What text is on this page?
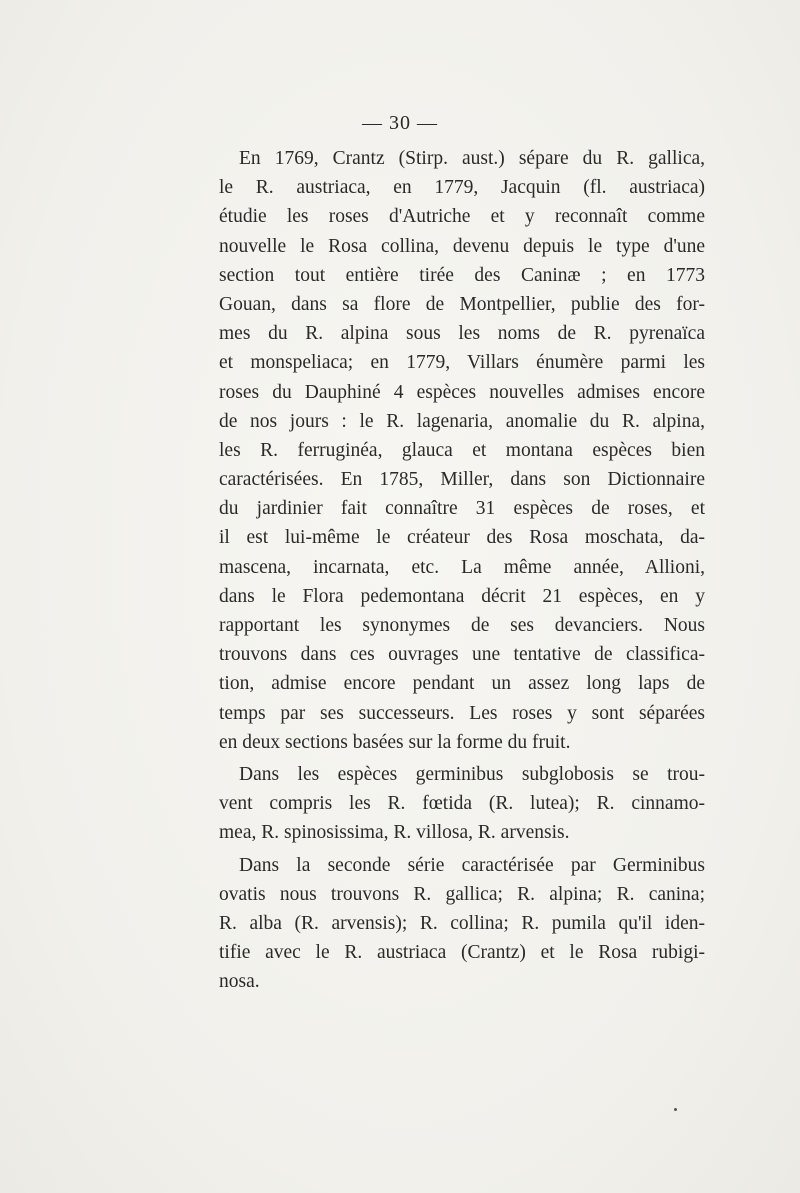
— 30 —
En 1769, Crantz (Stirp. aust.) sépare du R. gallica,
le R. austriaca, en 1779, Jacquin (fl. austriaca)
étudie les roses d'Autriche et y reconnaît comme
nouvelle le Rosa collina, devenu depuis le type d'une
section tout entière tirée des Caninæ ; en 1773
Gouan, dans sa flore de Montpellier, publie des for-
mes du R. alpina sous les noms de R. pyrenaïca
et monspeliaca; en 1779, Villars énumère parmi les
roses du Dauphiné 4 espèces nouvelles admises encore
de nos jours : le R. lagenaria, anomalie du R. alpina,
les R. ferruginéa, glauca et montana espèces bien
caractérisées. En 1785, Miller, dans son Dictionnaire
du jardinier fait connaître 31 espèces de roses, et
il est lui-même le créateur des Rosa moschata, da-
mascena, incarnata, etc. La même année, Allioni,
dans le Flora pedemontana décrit 21 espèces, en y
rapportant les synonymes de ses devanciers. Nous
trouvons dans ces ouvrages une tentative de classifica-
tion, admise encore pendant un assez long laps de
temps par ses successeurs. Les roses y sont séparées
en deux sections basées sur la forme du fruit.
Dans les espèces germinibus subglobosis se trou-
vent compris les R. fœtida (R. lutea); R. cinnamo-
mea, R. spinosissima, R. villosa, R. arvensis.
Dans la seconde série caractérisée par Germinibus
ovatis nous trouvons R. gallica; R. alpina; R. canina;
R. alba (R. arvensis); R. collina; R. pumila qu'il iden-
tifie avec le R. austriaca (Crantz) et le Rosa rubigi-
nosa.
